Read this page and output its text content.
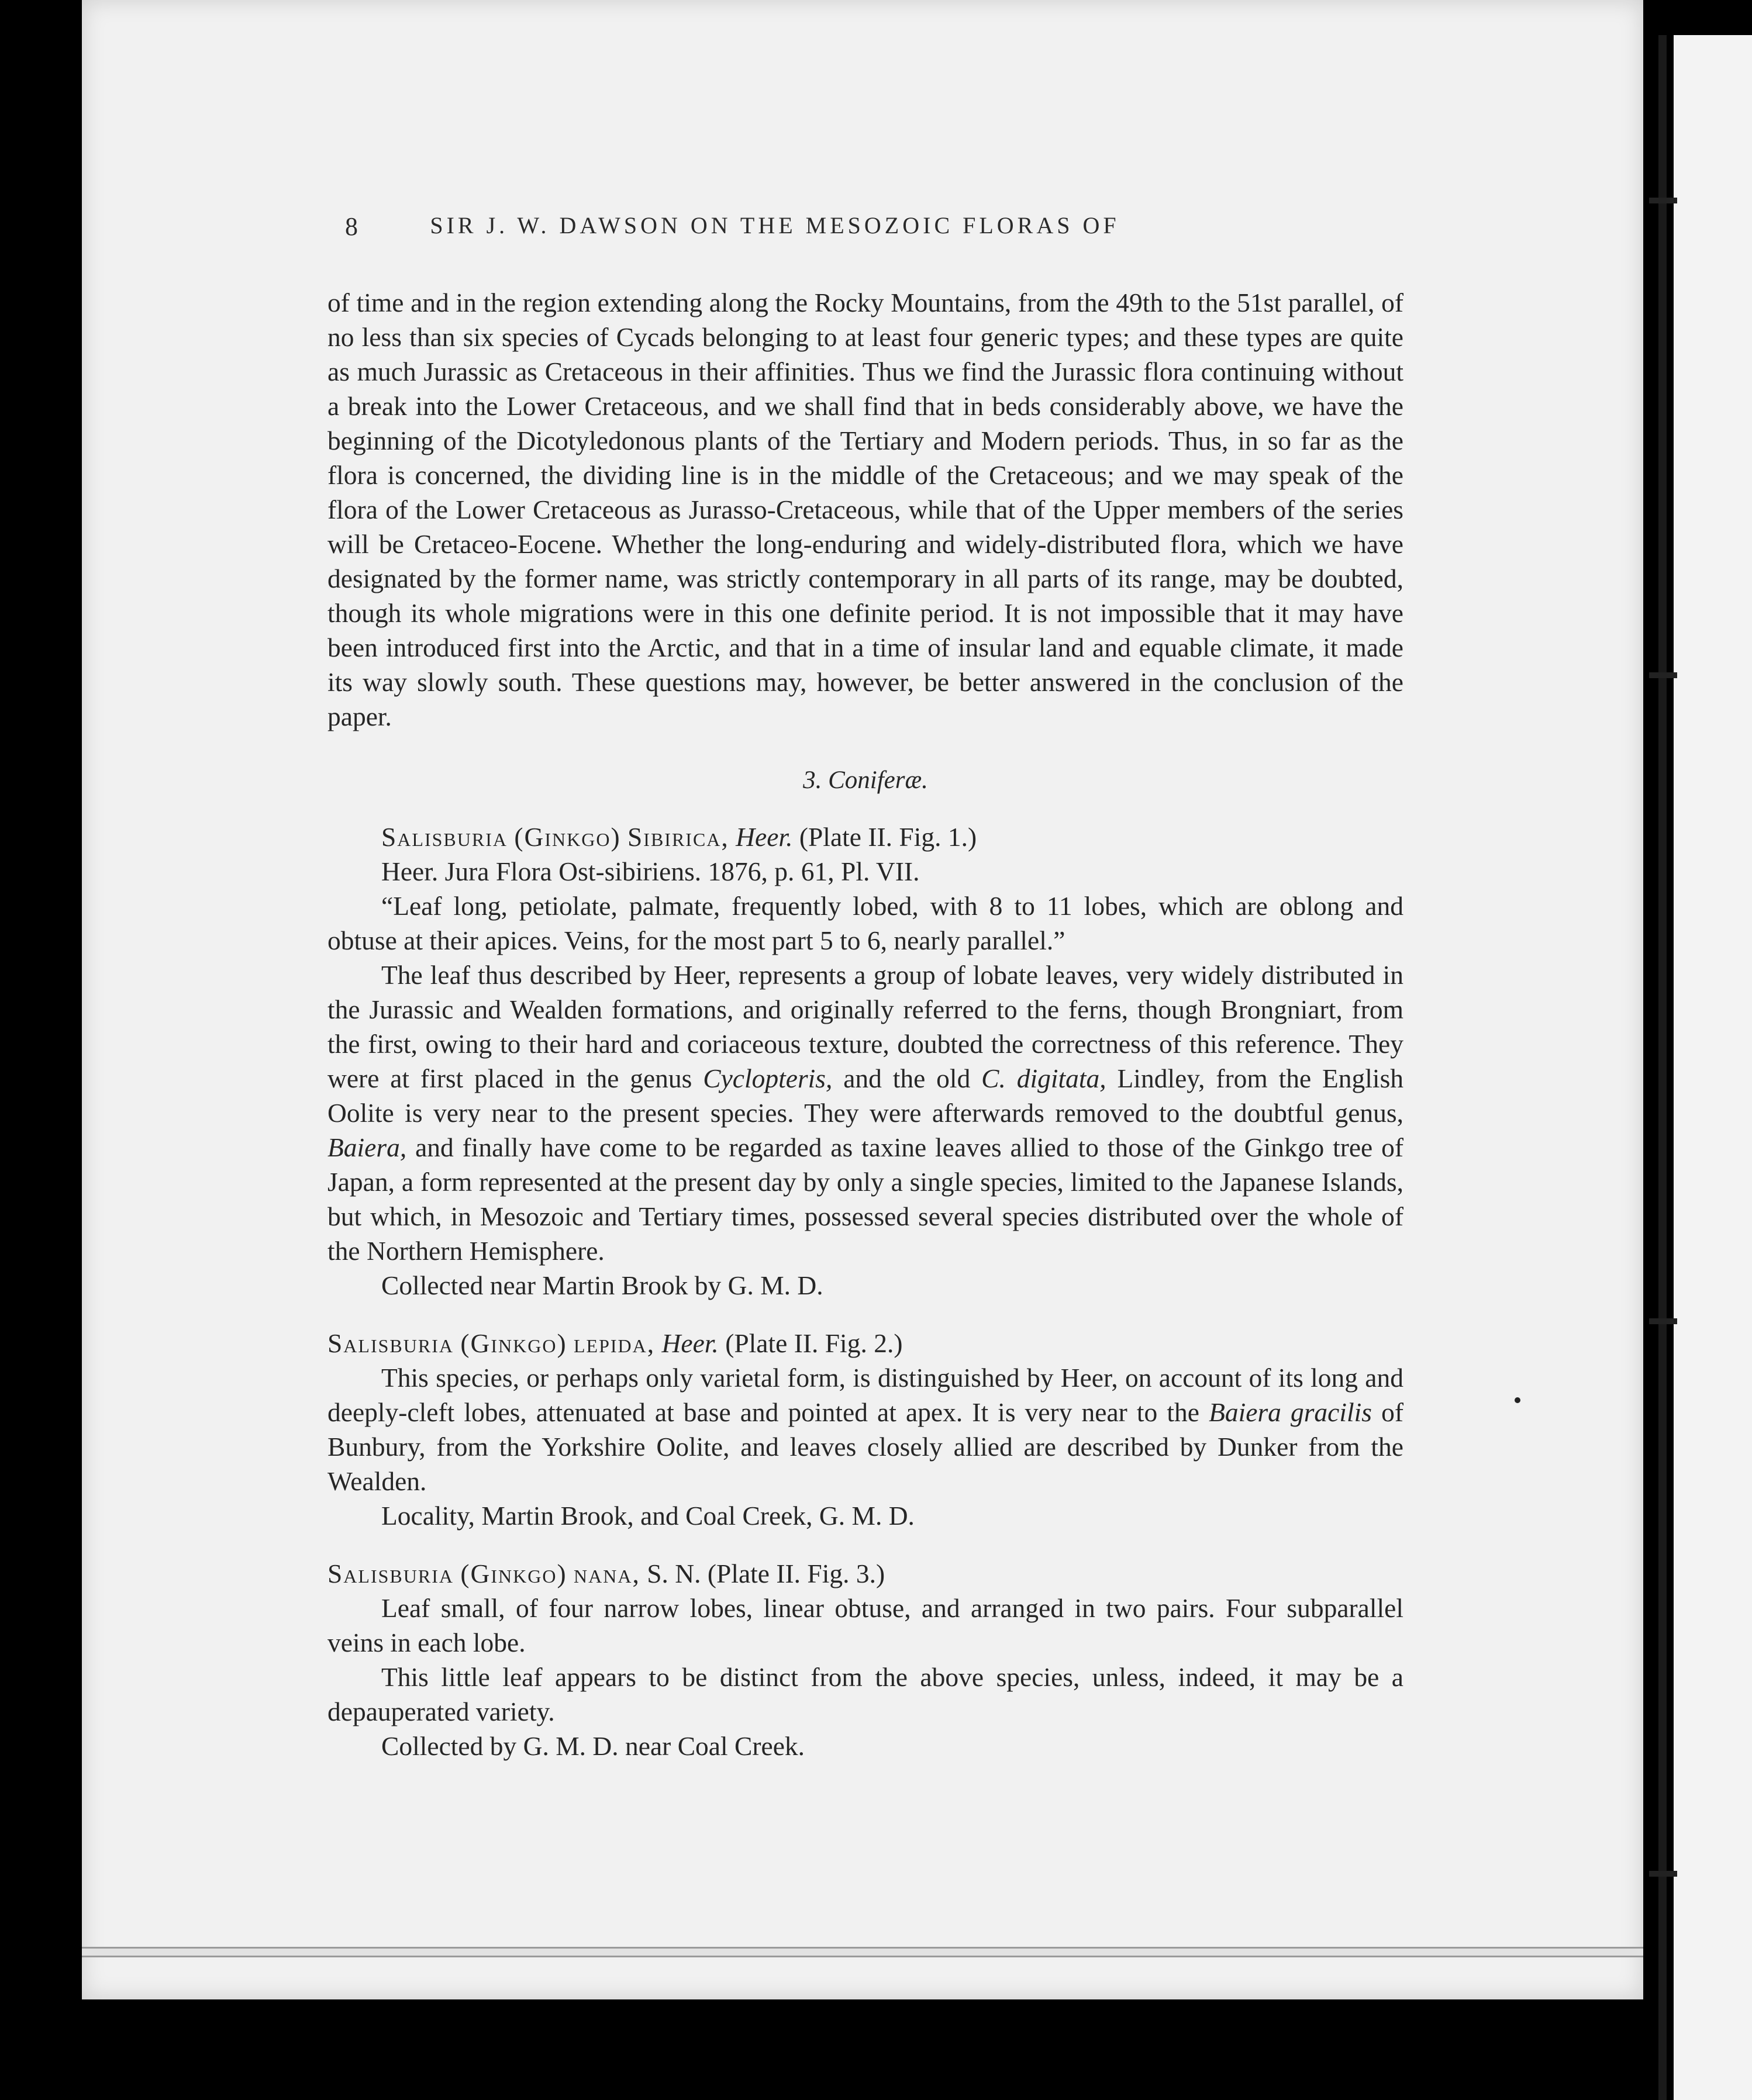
8	SIR J. W. DAWSON ON THE MESOZOIC FLORAS OF

of time and in the region extending along the Rocky Mountains, from the 49th to the 51st parallel, of no less than six species of Cycads belonging to at least four generic types; and these types are quite as much Jurassic as Cretaceous in their affinities. Thus we find the Jurassic flora continuing without a break into the Lower Cretaceous, and we shall find that in beds considerably above, we have the beginning of the Dicotyledonous plants of the Tertiary and Modern periods. Thus, in so far as the flora is concerned, the dividing line is in the middle of the Cretaceous; and we may speak of the flora of the Lower Cretaceous as Jurasso-Cretaceous, while that of the Upper members of the series will be Cretaceo-Eocene. Whether the long-enduring and widely-distributed flora, which we have designated by the former name, was strictly contemporary in all parts of its range, may be doubted, though its whole migrations were in this one definite period. It is not impossible that it may have been introduced first into the Arctic, and that in a time of insular land and equable climate, it made its way slowly south. These questions may, however, be better answered in the conclusion of the paper.

3. Coniferæ.

Salisburia (Ginkgo) Sibirica, Heer. (Plate II. Fig. 1.)

Heer. Jura Flora Ost-sibiriens. 1876, p. 61, Pl. VII.

“Leaf long, petiolate, palmate, frequently lobed, with 8 to 11 lobes, which are oblong and obtuse at their apices. Veins, for the most part 5 to 6, nearly parallel.”

The leaf thus described by Heer, represents a group of lobate leaves, very widely distributed in the Jurassic and Wealden formations, and originally referred to the ferns, though Brongniart, from the first, owing to their hard and coriaceous texture, doubted the correctness of this reference. They were at first placed in the genus Cyclopteris, and the old C. digitata, Lindley, from the English Oolite is very near to the present species. They were afterwards removed to the doubtful genus, Baiera, and finally have come to be regarded as taxine leaves allied to those of the Ginkgo tree of Japan, a form represented at the present day by only a single species, limited to the Japanese Islands, but which, in Mesozoic and Tertiary times, possessed several species distributed over the whole of the Northern Hemisphere.

Collected near Martin Brook by G. M. D.

Salisburia (Ginkgo) lepida, Heer. (Plate II. Fig. 2.)

This species, or perhaps only varietal form, is distinguished by Heer, on account of its long and deeply-cleft lobes, attenuated at base and pointed at apex. It is very near to the Baiera gracilis of Bunbury, from the Yorkshire Oolite, and leaves closely allied are described by Dunker from the Wealden.

Locality, Martin Brook, and Coal Creek, G. M. D.

Salisburia (Ginkgo) nana, S. N. (Plate II. Fig. 3.)

Leaf small, of four narrow lobes, linear obtuse, and arranged in two pairs. Four subparallel veins in each lobe.

This little leaf appears to be distinct from the above species, unless, indeed, it may be a depauperated variety.

Collected by G. M. D. near Coal Creek.
